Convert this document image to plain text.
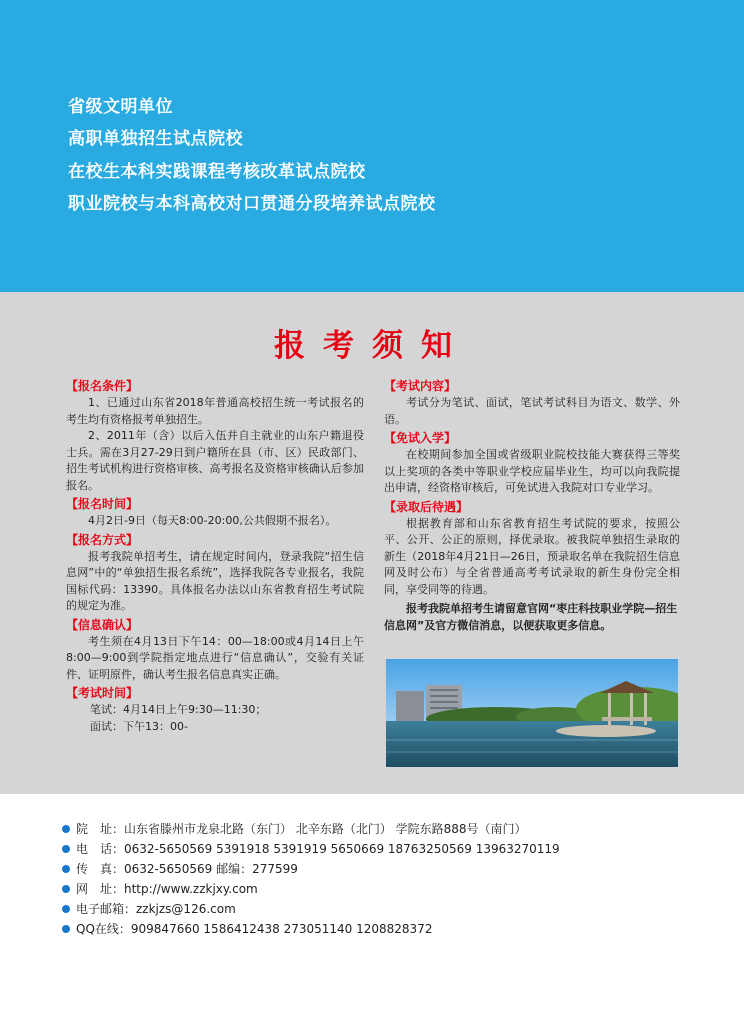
省级文明单位
高职单独招生试点院校
在校生本科实践课程考核改革试点院校
职业院校与本科高校对口贯通分段培养试点院校
报考须知
【报名条件】

1、已通过山东省2018年普通高校招生统一考试报名的考生均有资格报考单独招生。

2、2011年（含）以后入伍并自主就业的山东户籍退役士兵。需在3月27-29日到户籍所在县（市、区）民政部门、招生考试机构进行资格审核、高考报名及资格审核确认后参加报名。

【报名时间】

4月2日-9日（每天8:00-20:00,公共假期不报名）。

【报名方式】

报考我院单招考生，请在规定时间内，登录我院“招生信息网”中的“单独招生报名系统”，选择我院各专业报名，我院国标代码：13390。具体报名办法以山东省教育招生考试院的规定为准。

【信息确认】

考生须在4月13日下午14：00—18:00或4月14日上午8:00—9:00到学院指定地点进行“信息确认”，交验有关证件、证明原件，确认考生报名信息真实正确。

【考试时间】

笔试：4月14日上午9:30—11:30；

面试：下午13：00-

【考试内容】

考试分为笔试、面试，笔试考试科目为语文、数学、外语。

【免试入学】

在校期间参加全国或省级职业院校技能大赛获得三等奖以上奖项的各类中等职业学校应届毕业生，均可以向我院提出申请，经资格审核后，可免试进入我院对口专业学习。

【录取后待遇】

根据教育部和山东省教育招生考试院的要求，按照公平、公开、公正的原则，择优录取。被我院单独招生录取的新生（2018年4月21日—26日，预录取名单在我院招生信息网及时公布）与全省普通高考考试录取的新生身份完全相同，享受同等的待遇。

报考我院单招考生请留意官网“枣庄科技职业学院—招生信息网”及官方微信消息，以便获取更多信息。

院　址：山东省滕州市龙泉北路（东门） 北辛东路（北门） 学院东路888号（南门）
电　话：0632-5650569 5391918 5391919 5650669 18763250569 13963270119
传　真：0632-5650569 邮编：277599
网　址：http://www.zzkjxy.com
电子邮箱：zzkjzs@126.com
QQ在线：909847660 1586412438 273051140 1208828372
